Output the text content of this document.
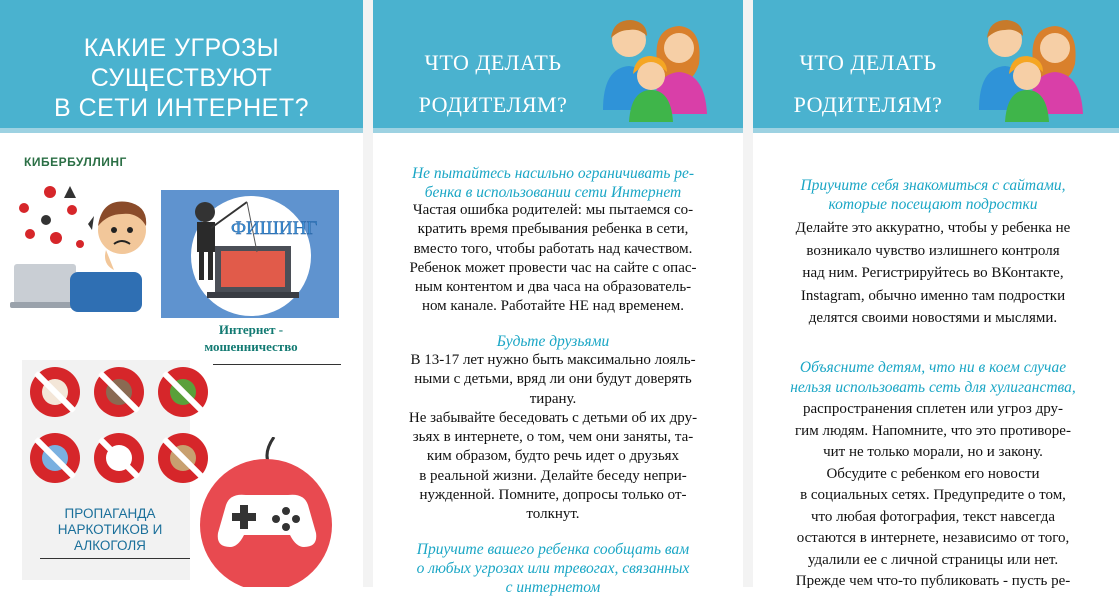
КАКИЕ УГРОЗЫ
СУЩЕСТВУЮТ
В СЕТИ ИНТЕРНЕТ?
КИБЕРБУЛЛИНГ
ФИШИНГ
Интернет -
мошенничество
ПРОПАГАНДА
НАРКОТИКОВ И
АЛКОГОЛЯ
ЧТО ДЕЛАТЬ
РОДИТЕЛЯМ?
Не пытайтесь насильно ограничивать ре-
бенка в использовании сети Интернет
Частая ошибка родителей: мы пытаемся со-
кратить время пребывания ребенка в сети,
вместо того, чтобы работать над качеством.
Ребенок может провести час на сайте с опас-
ным контентом и два часа на образователь-
ном канале. Работайте НЕ над временем.
Будьте друзьями
В 13-17 лет нужно быть максимально лояль-
ными с детьми, вряд ли они будут доверять
тирану.
Не забывайте беседовать с детьми об их дру-
зьях в интернете, о том, чем они заняты, та-
ким образом, будто речь идет о друзьях
в реальной жизни. Делайте беседу непри-
нужденной. Помните, допросы только от-
толкнут.
Приучите вашего ребенка сообщать вам
о любых угрозах или тревогах, связанных
с интернетом
ЧТО ДЕЛАТЬ
РОДИТЕЛЯМ?
Приучите себя знакомиться с сайтами,
которые посещают подростки
Делайте это аккуратно, чтобы у ребенка не
возникало чувство излишнего контроля
над ним. Регистрируйтесь во ВКонтакте,
Instagram, обычно именно там подростки
делятся своими новостями и мыслями.
Объясните детям, что ни в коем случае
нельзя использовать сеть для хулиганства,
распространения сплетен или угроз дру-
гим людям. Напомните, что это противоре-
чит не только морали, но и закону.
Обсудите с ребенком его новости
в социальных сетях. Предупредите о том,
что любая фотография, текст навсегда
остаются в интернете, независимо от того,
удалили ее с личной страницы или нет.
Прежде чем что-то публиковать - пусть ре-
